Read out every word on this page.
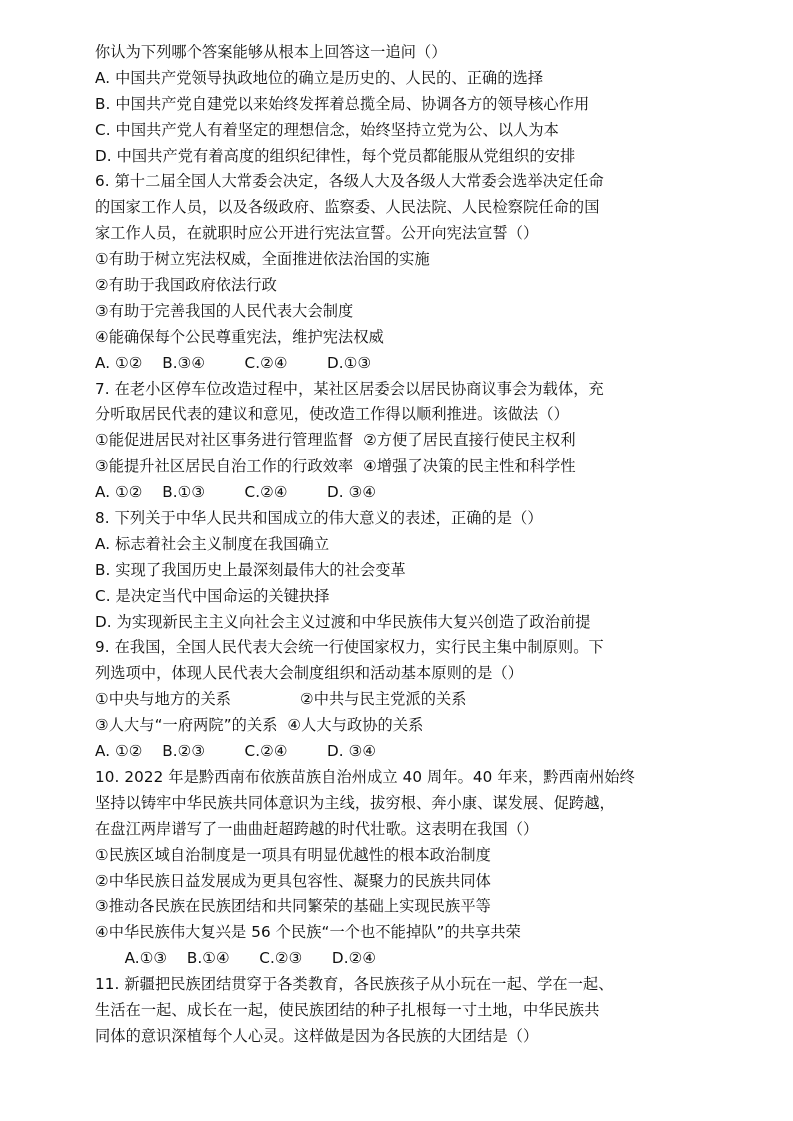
你认为下列哪个答案能够从根本上回答这一追问（）
A. 中国共产党领导执政地位的确立是历史的、人民的、正确的选择
B. 中国共产党自建党以来始终发挥着总揽全局、协调各方的领导核心作用
C. 中国共产党人有着坚定的理想信念，始终坚持立党为公、以人为本
D. 中国共产党有着高度的组织纪律性，每个党员都能服从党组织的安排
6. 第十二届全国人大常委会决定，各级人大及各级人大常委会选举决定任命
的国家工作人员，以及各级政府、监察委、人民法院、人民检察院任命的国
家工作人员，在就职时应公开进行宪法宣誓。公开向宪法宣誓（）
①有助于树立宪法权威，全面推进依法治国的实施
②有助于我国政府依法行政
③有助于完善我国的人民代表大会制度
④能确保每个公民尊重宪法，维护宪法权威
A. ①②    B.③④        C.②④        D.①③
7. 在老小区停车位改造过程中，某社区居委会以居民协商议事会为载体，充
分听取居民代表的建议和意见，使改造工作得以顺利推进。该做法（）
①能促进居民对社区事务进行管理监督  ②方便了居民直接行使民主权利
③能提升社区居民自治工作的行政效率  ④增强了决策的民主性和科学性
A. ①②    B.①③        C.②④        D. ③④
8. 下列关于中华人民共和国成立的伟大意义的表述，正确的是（）
A. 标志着社会主义制度在我国确立
B. 实现了我国历史上最深刻最伟大的社会变革
C. 是决定当代中国命运的关键抉择
D. 为实现新民主主义向社会主义过渡和中华民族伟大复兴创造了政治前提
9. 在我国，全国人民代表大会统一行使国家权力，实行民主集中制原则。下
列选项中，体现人民代表大会制度组织和活动基本原则的是（）
①中央与地方的关系              ②中共与民主党派的关系
③人大与“一府两院”的关系  ④人大与政协的关系
A. ①②    B.②③        C.②④        D. ③④
10. 2022 年是黔西南布依族苗族自治州成立 40 周年。40 年来，黔西南州始终
坚持以铸牢中华民族共同体意识为主线，拔穷根、奔小康、谋发展、促跨越，
在盘江两岸谱写了一曲曲赶超跨越的时代壮歌。这表明在我国（）
①民族区域自治制度是一项具有明显优越性的根本政治制度
②中华民族日益发展成为更具包容性、凝聚力的民族共同体
③推动各民族在民族团结和共同繁荣的基础上实现民族平等
④中华民族伟大复兴是 56 个民族“一个也不能掉队”的共享共荣
A.①③    B.①④      C.②③      D.②④
11. 新疆把民族团结贯穿于各类教育，各民族孩子从小玩在一起、学在一起、
生活在一起、成长在一起，使民族团结的种子扎根每一寸土地，中华民族共
同体的意识深植每个人心灵。这样做是因为各民族的大团结是（）
